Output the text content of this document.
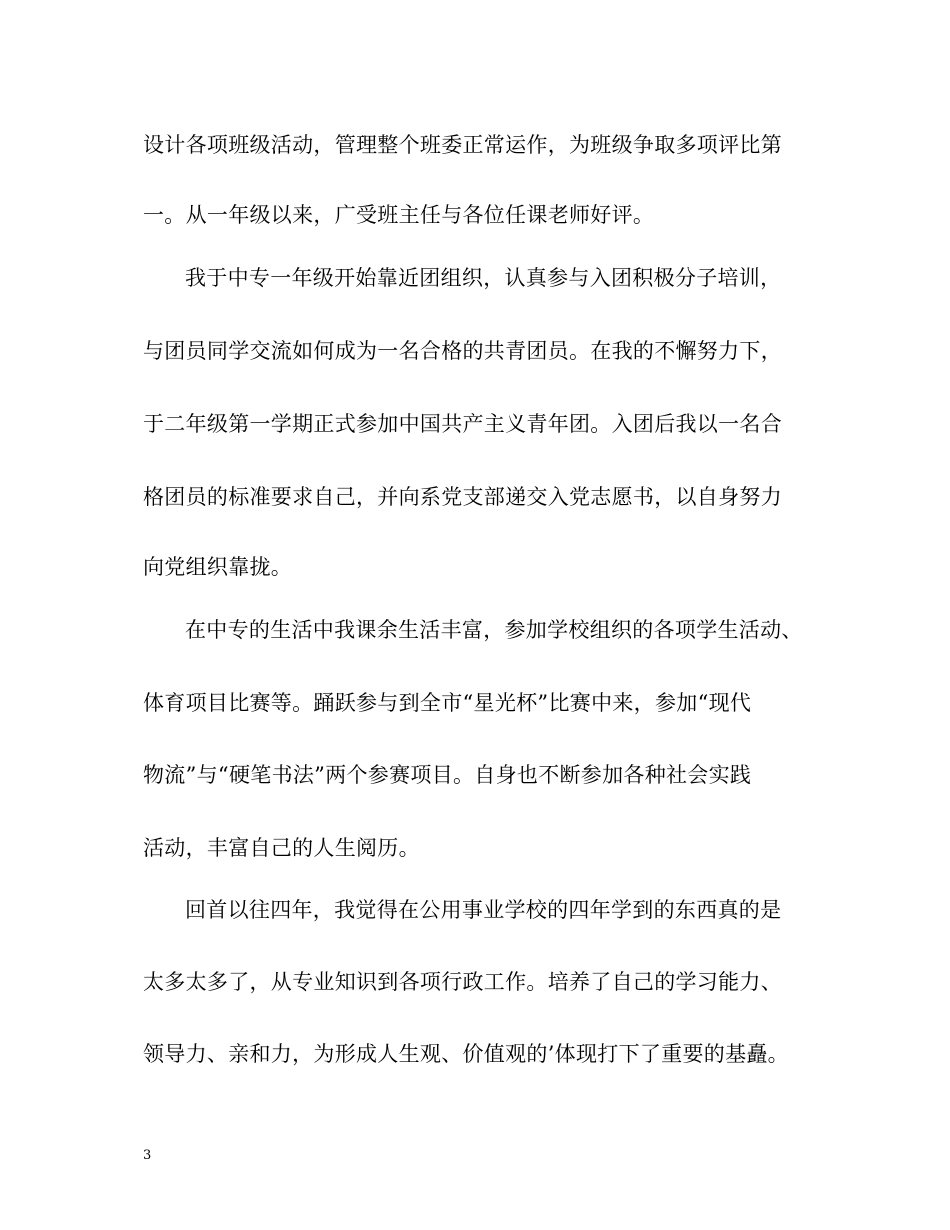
设计各项班级活动，管理整个班委正常运作，为班级争取多项评比第
一。从一年级以来，广受班主任与各位任课老师好评。
我于中专一年级开始靠近团组织，认真参与入团积极分子培训，
与团员同学交流如何成为一名合格的共青团员。在我的不懈努力下，
于二年级第一学期正式参加中国共产主义青年团。入团后我以一名合
格团员的标准要求自己，并向系党支部递交入党志愿书，以自身努力
向党组织靠拢。
在中专的生活中我课余生活丰富，参加学校组织的各项学生活动、
体育项目比赛等。踊跃参与到全市“星光杯”比赛中来，参加“现代
物流”与“硬笔书法”两个参赛项目。自身也不断参加各种社会实践
活动，丰富自己的人生阅历。
回首以往四年，我觉得在公用事业学校的四年学到的东西真的是
太多太多了，从专业知识到各项行政工作。培养了自己的学习能力、
领导力、亲和力，为形成人生观、价值观的’体现打下了重要的基矗。
3
